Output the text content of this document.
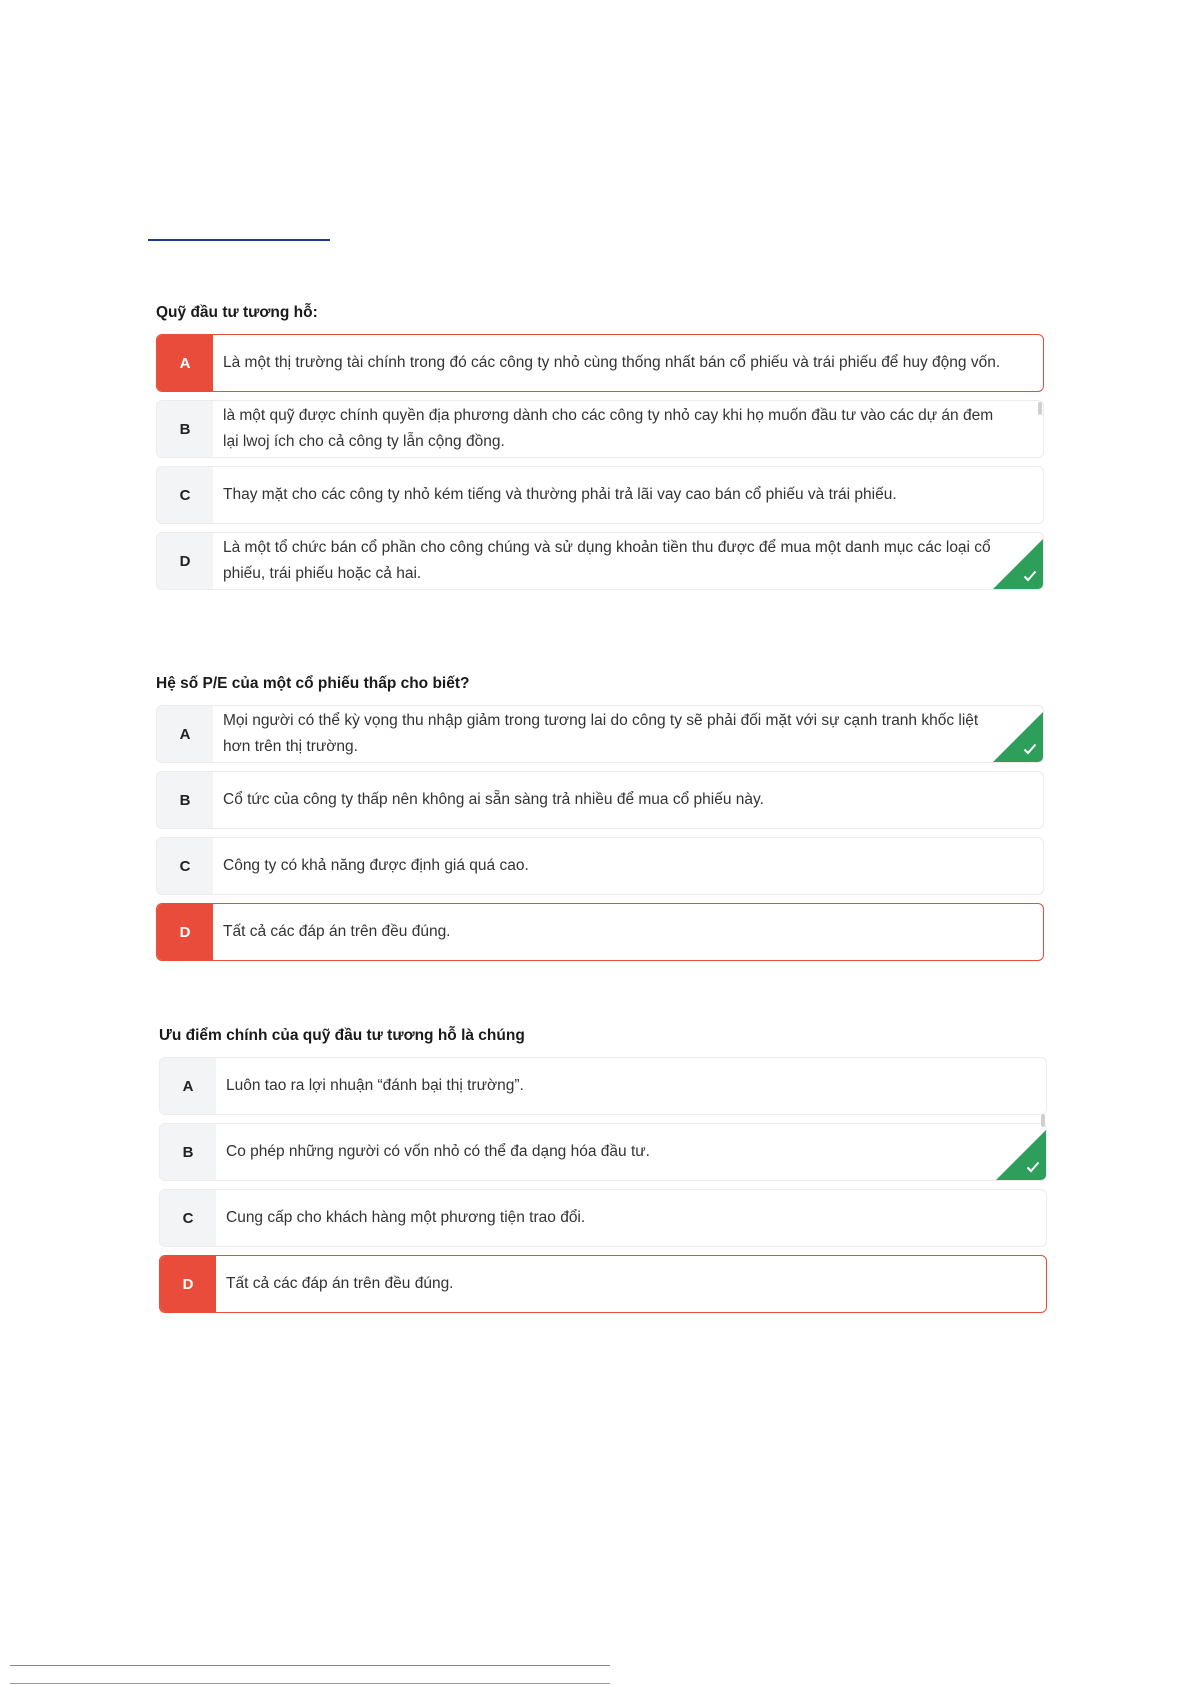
Quỹ đầu tư tương hỗ:
A	Là một thị trường tài chính trong đó các công ty nhỏ cùng thống nhất bán cổ phiếu và trái phiếu để huy động vốn.
B
là một quỹ được chính quyền địa phương dành cho các công ty nhỏ cay khi họ muốn đầu tư vào các dự án đem lại lwoj ích cho cả công ty lẫn cộng đồng.
C	Thay mặt cho các công ty nhỏ kém tiếng và thường phải trả lãi vay cao bán cổ phiếu và trái phiếu.
D
Là một tổ chức bán cổ phần cho công chúng và sử dụng khoản tiền thu được để mua một danh mục các loại cổ phiếu, trái phiếu hoặc cả hai.
Hệ số P/E của một cổ phiếu thấp cho biết?
A
Mọi người có thể kỳ vọng thu nhập giảm trong tương lai do công ty sẽ phải đối mặt với sự cạnh tranh khốc liệt hơn trên thị trường.
B	Cổ tức của công ty thấp nên không ai sẵn sàng trả nhiều để mua cổ phiếu này.
C	Công ty có khả năng được định giá quá cao.
D	Tất cả các đáp án trên đều đúng.
Ưu điểm chính của quỹ đầu tư tương hỗ là chúng
A	Luôn tao ra lợi nhuận “đánh bại thị trường”.
B	Co phép những người có vốn nhỏ có thể đa dạng hóa đầu tư.
C	Cung cấp cho khách hàng một phương tiện trao đổi.
D	Tất cả các đáp án trên đều đúng.
